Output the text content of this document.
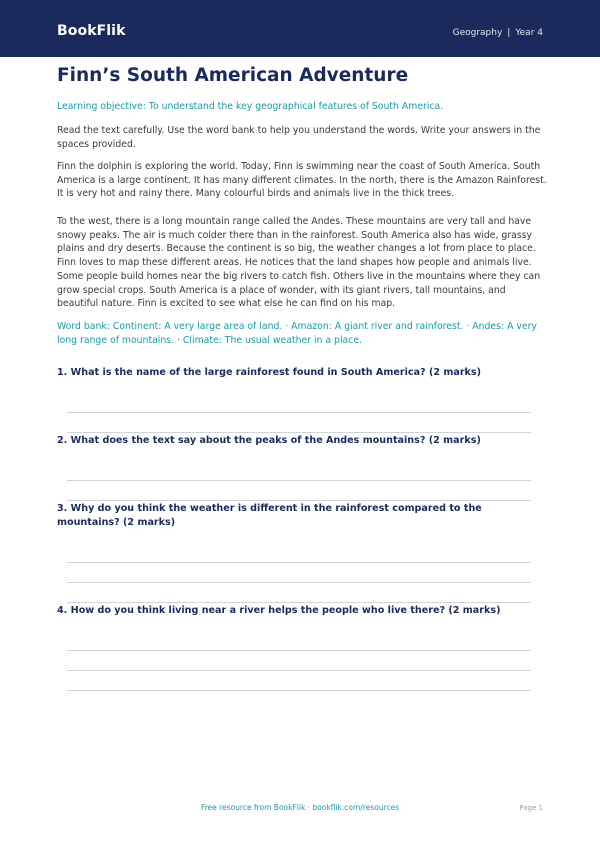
BookFlik	Geography | Year 4
Finn’s South American Adventure

Learning objective: To understand the key geographical features of South America.

Read the text carefully. Use the word bank to help you understand the words. Write your answers in the spaces provided.

Finn the dolphin is exploring the world. Today, Finn is swimming near the coast of South America. South America is a large continent. It has many different climates. In the north, there is the Amazon Rainforest. It is very hot and rainy there. Many colourful birds and animals live in the thick trees.

To the west, there is a long mountain range called the Andes. These mountains are very tall and have snowy peaks. The air is much colder there than in the rainforest. South America also has wide, grassy plains and dry deserts. Because the continent is so big, the weather changes a lot from place to place. Finn loves to map these different areas. He notices that the land shapes how people and animals live. Some people build homes near the big rivers to catch fish. Others live in the mountains where they can grow special crops. South America is a place of wonder, with its giant rivers, tall mountains, and beautiful nature. Finn is excited to see what else he can find on his map.

Word bank: Continent: A very large area of land. · Amazon: A giant river and rainforest. · Andes: A very long range of mountains. · Climate: The usual weather in a place.

1. What is the name of the large rainforest found in South America? (2 marks)

2. What does the text say about the peaks of the Andes mountains? (2 marks)

3. Why do you think the weather is different in the rainforest compared to the mountains? (2 marks)

4. How do you think living near a river helps the people who live there? (2 marks)

Free resource from BookFlik · bookflik.com/resources	Page 1
